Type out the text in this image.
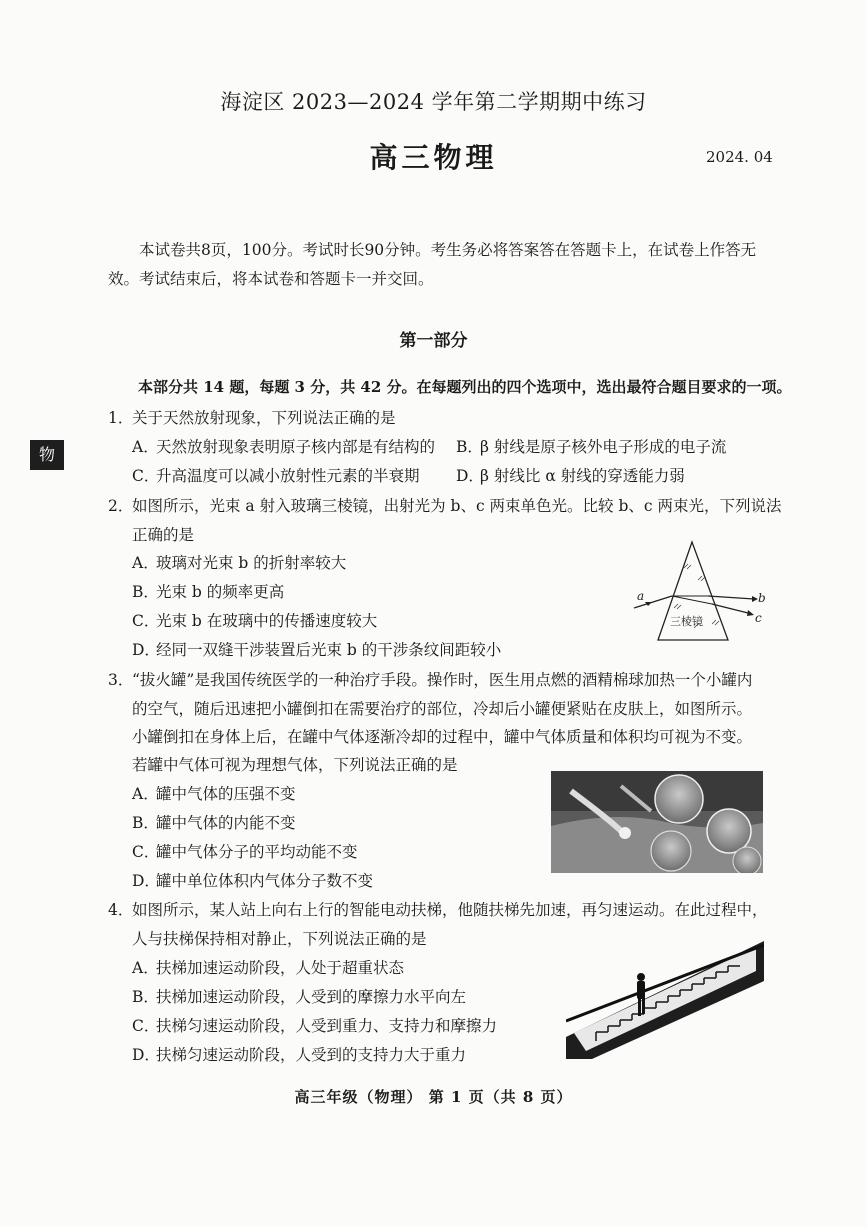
海淀区 2023—2024 学年第二学期期中练习
高三物理	2024. 04
本试卷共8页，100分。考试时长90分钟。考生务必将答案答在答题卡上，在试卷上作答无效。考试结束后，将本试卷和答题卡一并交回。
第一部分
本部分共 14 题，每题 3 分，共 42 分。在每题列出的四个选项中，选出最符合题目要求的一项。
物
1．关于天然放射现象，下列说法正确的是
A．天然放射现象表明原子核内部是有结构的 B．β 射线是原子核外电子形成的电子流
C．升高温度可以减小放射性元素的半衰期 D．β 射线比 α 射线的穿透能力弱
2．如图所示，光束 a 射入玻璃三棱镜，出射光为 b、c 两束单色光。比较 b、c 两束光，下列说法
正确的是
A．玻璃对光束 b 的折射率较大
B．光束 b 的频率更高
C．光束 b 在玻璃中的传播速度较大
D．经同一双缝干涉装置后光束 b 的干涉条纹间距较小
a	b
c
三棱镜
3．“拔火罐”是我国传统医学的一种治疗手段。操作时，医生用点燃的酒精棉球加热一个小罐内
的空气，随后迅速把小罐倒扣在需要治疗的部位，冷却后小罐便紧贴在皮肤上，如图所示。
小罐倒扣在身体上后，在罐中气体逐渐冷却的过程中，罐中气体质量和体积均可视为不变。
若罐中气体可视为理想气体，下列说法正确的是
A．罐中气体的压强不变
B．罐中气体的内能不变
C．罐中气体分子的平均动能不变
D．罐中单位体积内气体分子数不变
4．如图所示，某人站上向右上行的智能电动扶梯，他随扶梯先加速，再匀速运动。在此过程中，
人与扶梯保持相对静止，下列说法正确的是
A．扶梯加速运动阶段，人处于超重状态
B．扶梯加速运动阶段，人受到的摩擦力水平向左
C．扶梯匀速运动阶段，人受到重力、支持力和摩擦力
D．扶梯匀速运动阶段，人受到的支持力大于重力
高三年级（物理） 第 1 页（共 8 页）
